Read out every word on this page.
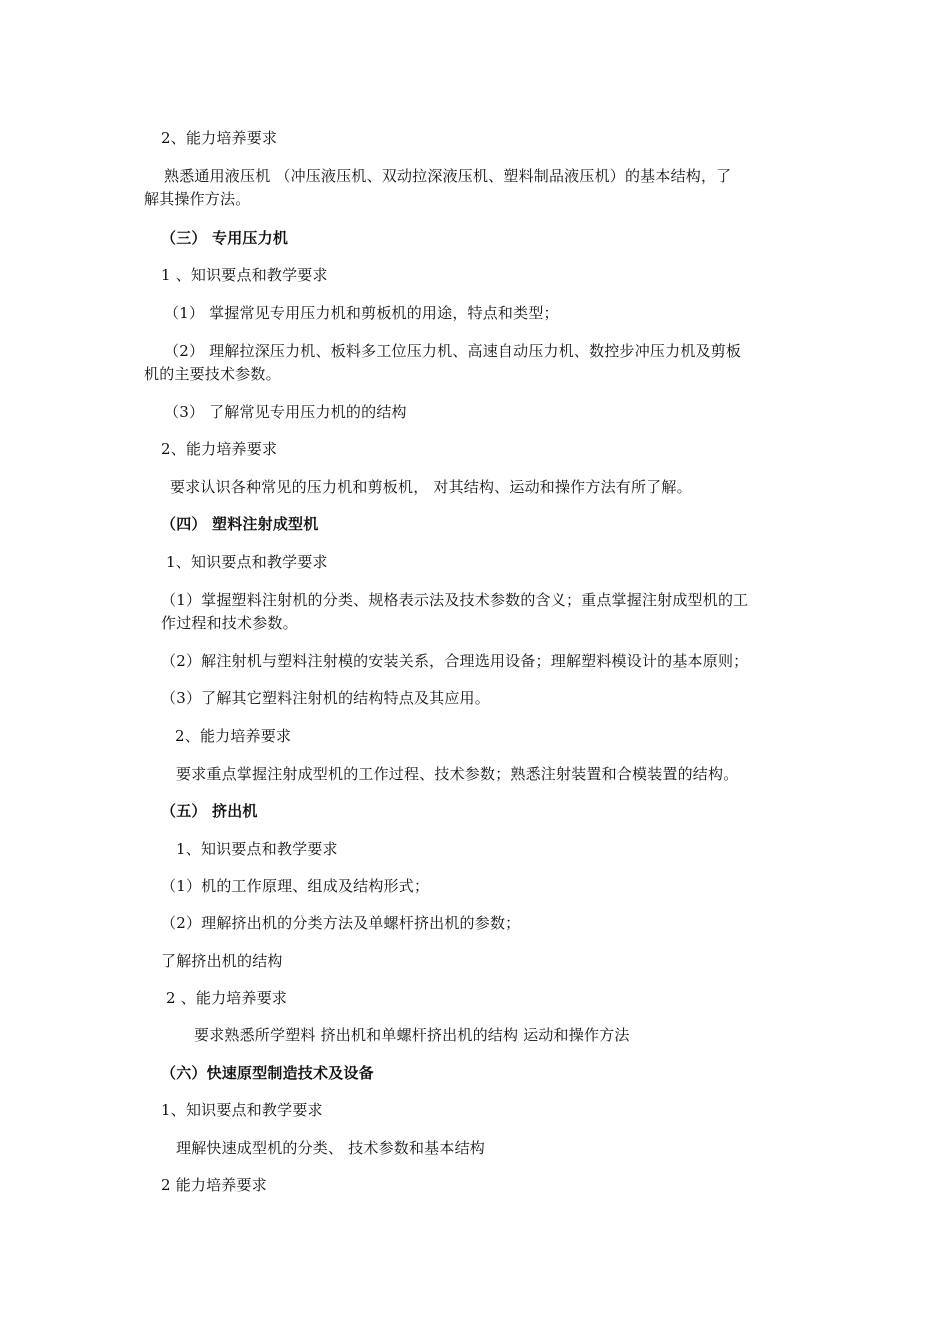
2、能力培养要求
熟悉通用液压机 （冲压液压机、双动拉深液压机、塑料制品液压机）的基本结构，了
解其操作方法。
（三） 专用压力机
1 、知识要点和教学要求
（1） 掌握常见专用压力机和剪板机的用途，特点和类型；
（2） 理解拉深压力机、板料多工位压力机、高速自动压力机、数控步冲压力机及剪板
机的主要技术参数。
（3） 了解常见专用压力机的的结构
2、能力培养要求
要求认识各种常见的压力机和剪板机， 对其结构、运动和操作方法有所了解。
（四） 塑料注射成型机
1、知识要点和教学要求
（1）掌握塑料注射机的分类、规格表示法及技术参数的含义；重点掌握注射成型机的工
作过程和技术参数。
（2）解注射机与塑料注射模的安装关系，合理选用设备；理解塑料模设计的基本原则；
（3）了解其它塑料注射机的结构特点及其应用。
2、能力培养要求
要求重点掌握注射成型机的工作过程、技术参数；熟悉注射装置和合模装置的结构。
（五） 挤出机
1、知识要点和教学要求
（1）机的工作原理、组成及结构形式；
（2）理解挤出机的分类方法及单螺杆挤出机的参数；
了解挤出机的结构
2 、能力培养要求
要求熟悉所学塑料 挤出机和单螺杆挤出机的结构 运动和操作方法
（六）快速原型制造技术及设备
1、知识要点和教学要求
理解快速成型机的分类、 技术参数和基本结构
2 能力培养要求
